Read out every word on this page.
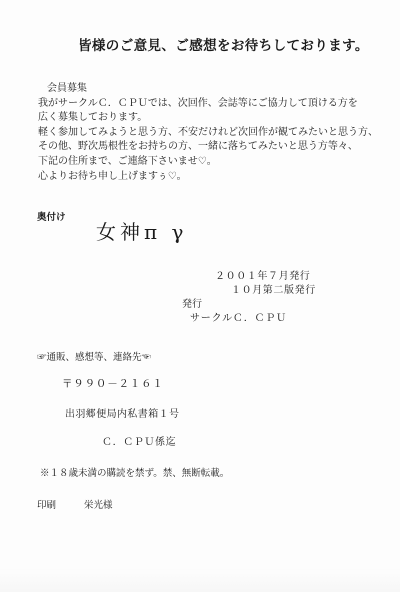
皆様のご意見、ご感想をお待ちしております。
会員募集
我がサークルＣ．ＣＰＵでは、次回作、会誌等にご協力して頂ける方を
広く募集しております。
軽く参加してみようと思う方、不安だけれど次回作が観てみたいと思う方、
その他、野次馬根性をお持ちの方、一緒に落ちてみたいと思う方等々、
下記の住所まで、ご連絡下さいませ♡。
心よりお待ち申し上げますぅ♡。
奥付け
女神π γ
２００１年７月発行
１０月第二版発行
発行
サークルＣ．ＣＰＵ
☞通販、感想等、連絡先☜
〒９９０－２１６１
出羽郷便局内私書箱１号
Ｃ．ＣＰＵ係迄
※１８歳未満の購読を禁ず。禁、無断転載。
印刷	栄光様
